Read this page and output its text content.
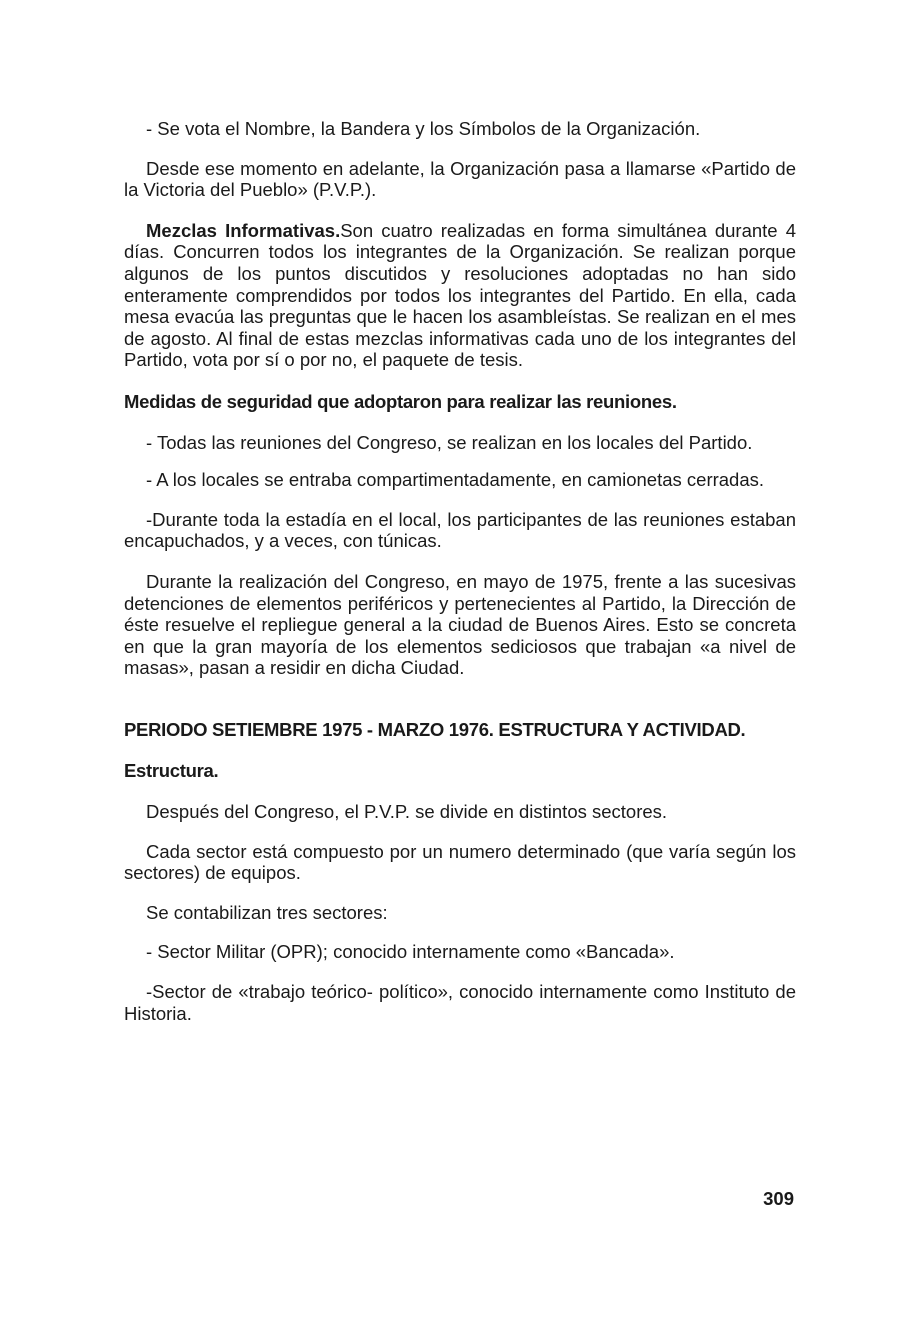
- Se vota el Nombre, la Bandera y los Símbolos de la Organización.

Desde ese momento en adelante, la Organización pasa a llamarse «Partido de la Victoria del Pueblo» (P.V.P.).

Mezclas Informativas.Son cuatro realizadas en forma simultánea durante 4 días. Concurren todos los integrantes de la Organización. Se realizan porque algunos de los puntos discutidos y resoluciones adoptadas no han sido enteramente comprendidos por todos los integrantes del Partido. En ella, cada mesa evacúa las preguntas que le hacen los asambleístas. Se realizan en el mes de agosto. Al final de estas mezclas informativas cada uno de los integrantes del Partido, vota por sí o por no, el paquete de tesis.

Medidas de seguridad que adoptaron para realizar las reuniones.

- Todas las reuniones del Congreso, se realizan en los locales del Partido.

- A los locales se entraba compartimentadamente, en camionetas cerradas.

-Durante toda la estadía en el local, los participantes de las reuniones estaban encapuchados, y a veces, con túnicas.

Durante la realización del Congreso, en mayo de 1975, frente a las sucesivas detenciones de elementos periféricos y pertenecientes al Partido, la Dirección de éste resuelve el repliegue general a la ciudad de Buenos Aires. Esto se concreta en que la gran mayoría de los elementos sediciosos que trabajan «a nivel de masas», pasan a residir en dicha Ciudad.

PERIODO SETIEMBRE 1975 - MARZO 1976. ESTRUCTURA Y ACTIVIDAD.

Estructura.

Después del Congreso, el P.V.P. se divide en distintos sectores.

Cada sector está compuesto por un numero determinado (que varía según los sectores) de equipos.

Se contabilizan tres sectores:

- Sector Militar (OPR); conocido internamente como «Bancada».

-Sector de «trabajo teórico- político», conocido internamente como Instituto de Historia.

309
